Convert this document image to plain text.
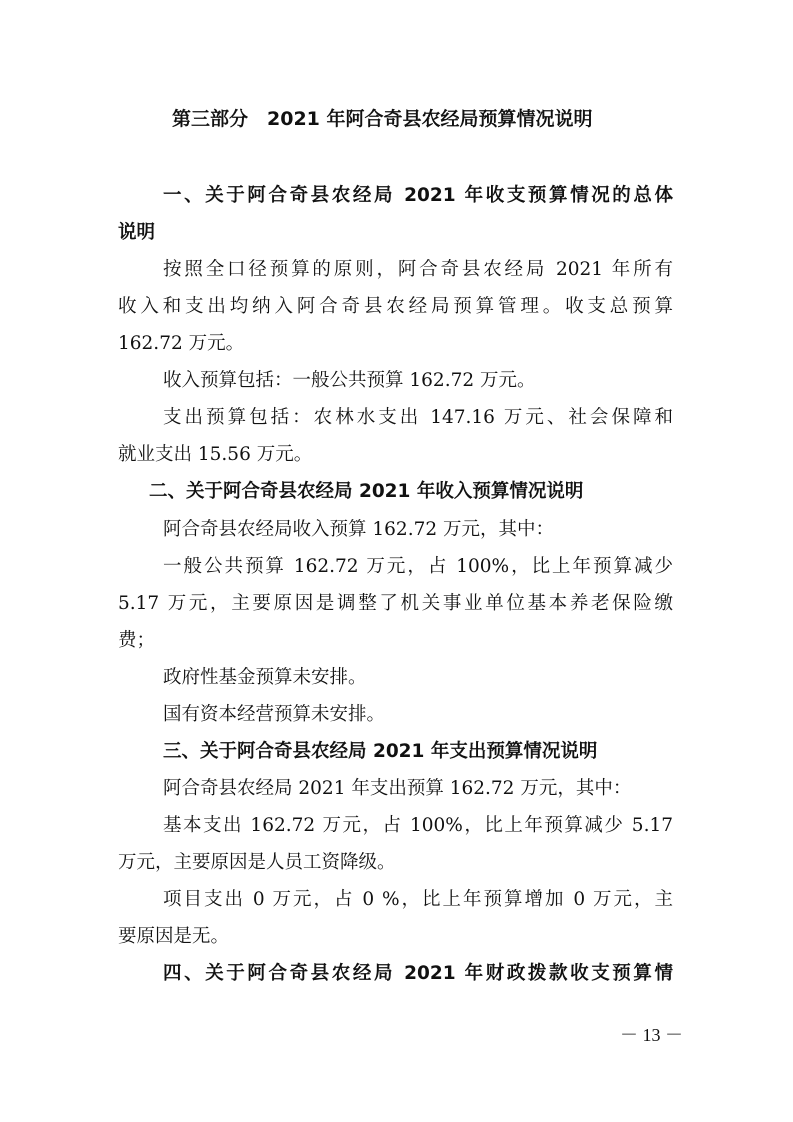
第三部分　2021 年阿合奇县农经局预算情况说明
一、关于阿合奇县农经局 2021 年收支预算情况的总体
说明
按照全口径预算的原则，阿合奇县农经局 2021 年所有
收入和支出均纳入阿合奇县农经局预算管理。收支总预算
162.72 万元。
收入预算包括：一般公共预算 162.72 万元。
支出预算包括：农林水支出 147.16 万元、社会保障和
就业支出 15.56 万元。
二、关于阿合奇县农经局 2021 年收入预算情况说明
阿合奇县农经局收入预算 162.72 万元，其中：
一般公共预算 162.72 万元，占 100%，比上年预算减少
5.17 万元，主要原因是调整了机关事业单位基本养老保险缴
费；
政府性基金预算未安排。
国有资本经营预算未安排。
三、关于阿合奇县农经局 2021 年支出预算情况说明
阿合奇县农经局 2021 年支出预算 162.72 万元，其中：
基本支出 162.72 万元，占 100%，比上年预算减少 5.17
万元，主要原因是人员工资降级。
项目支出 0 万元，占 0 %，比上年预算增加 0 万元，主
要原因是无。
四、关于阿合奇县农经局 2021 年财政拨款收支预算情
－ 13 －
